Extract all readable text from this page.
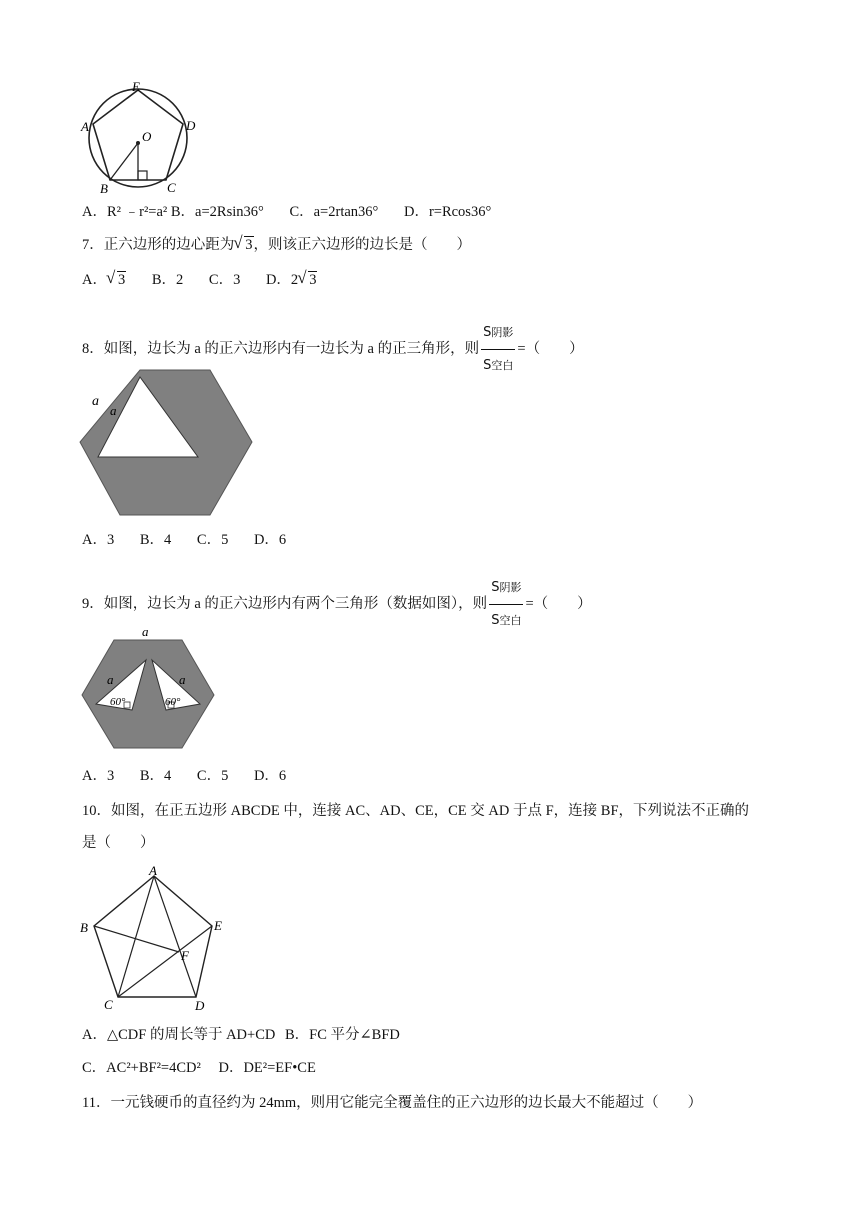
E
A	D
O
B	C
A．R² ﹣r²=a² B．a=2Rsin36° C．a=2rtan36° D．r=Rcos36°
7．正六边形的边心距为 √ 3，则该正六边形的边长是（　　）
A． √ 3 B．2 C．3 D．2 √ 3
8．如图，边长为 a 的正六边形内有一边长为 a 的正三角形，则 $\frac{\text{S阴影}}{\text{S空白}}$ =（　　）
a
a
A．3 B．4 C．5 D．6
9．如图，边长为 a 的正六边形内有两个三角形（数据如图），则 $\frac{\text{S阴影}}{\text{S空白}}$ =（　　）
a
a	a
60°	60°
A．3 B．4 C．5 D．6
10．如图，在正五边形 ABCDE 中，连接 AC、AD、CE，CE 交 AD 于点 F，连接 BF，下列说法不正确的
是（　　）
A
B	E
F
C	D
A．△CDF 的周长等于 AD+CD B．FC 平分∠BFD
C．AC²+BF²=4CD² D．DE²=EF•CE
11．一元钱硬币的直径约为 24mm，则用它能完全覆盖住的正六边形的边长最大不能超过（　　）
